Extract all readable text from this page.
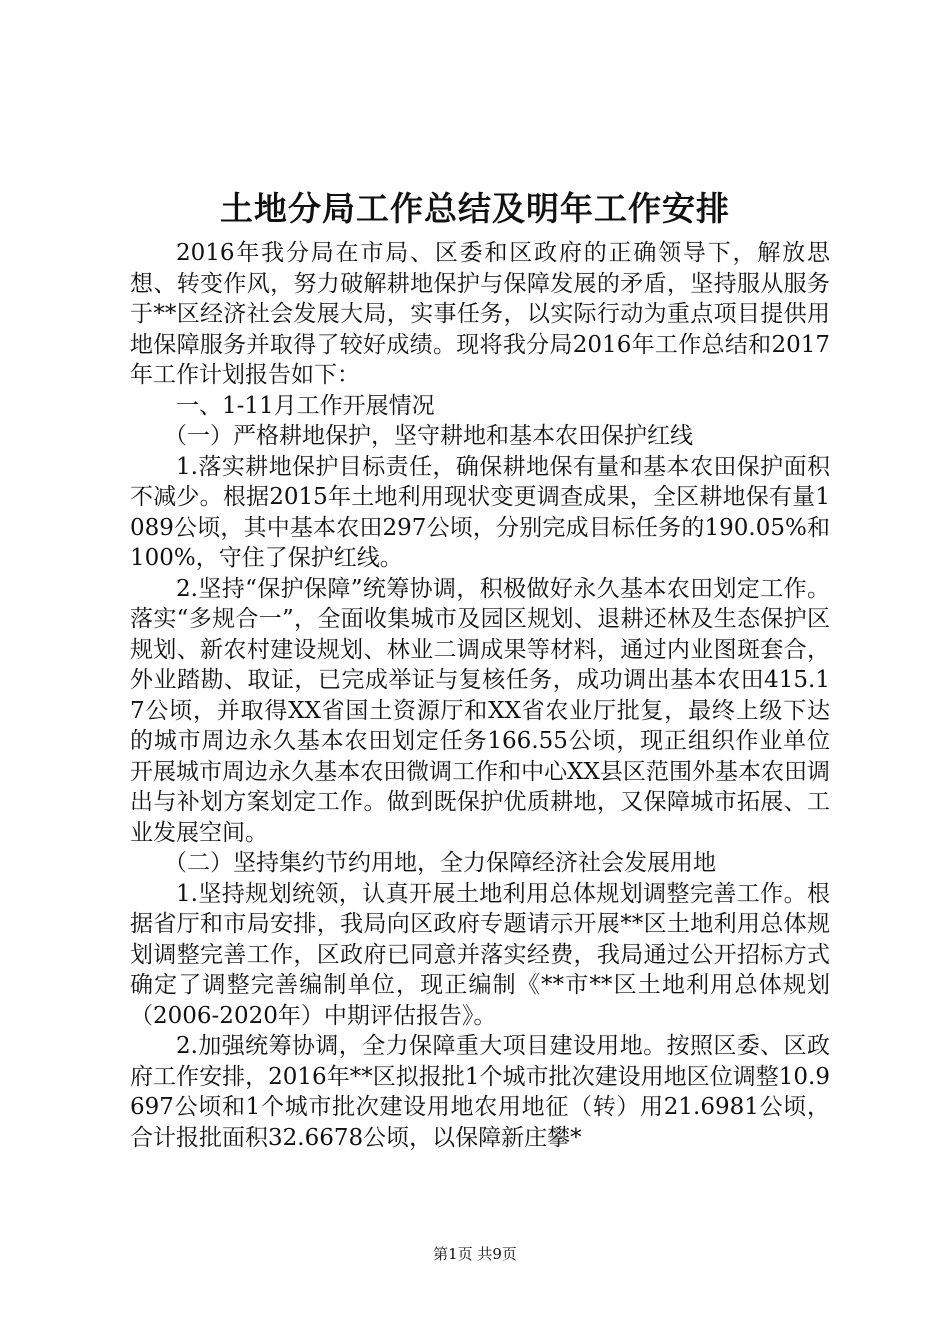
土地分局工作总结及明年工作安排

2016年我分局在市局、区委和区政府的正确领导下，解放思想、转变作风，努力破解耕地保护与保障发展的矛盾，坚持服从服务于**区经济社会发展大局，实事任务，以实际行动为重点项目提供用地保障服务并取得了较好成绩。现将我分局2016年工作总结和2017年工作计划报告如下：

一、1-11月工作开展情况

（一）严格耕地保护，坚守耕地和基本农田保护红线

1.落实耕地保护目标责任，确保耕地保有量和基本农田保护面积不减少。根据2015年土地利用现状变更调查成果，全区耕地保有量1089公顷，其中基本农田297公顷，分别完成目标任务的190.05%和100%，守住了保护红线。

2.坚持“保护保障”统筹协调，积极做好永久基本农田划定工作。落实“多规合一”，全面收集城市及园区规划、退耕还林及生态保护区规划、新农村建设规划、林业二调成果等材料，通过内业图斑套合，外业踏勘、取证，已完成举证与复核任务，成功调出基本农田415.17公顷，并取得XX省国土资源厅和XX省农业厅批复，最终上级下达的城市周边永久基本农田划定任务166.55公顷，现正组织作业单位开展城市周边永久基本农田微调工作和中心XX县区范围外基本农田调出与补划方案划定工作。做到既保护优质耕地，又保障城市拓展、工业发展空间。

（二）坚持集约节约用地，全力保障经济社会发展用地

1.坚持规划统领，认真开展土地利用总体规划调整完善工作。根据省厅和市局安排，我局向区政府专题请示开展**区土地利用总体规划调整完善工作，区政府已同意并落实经费，我局通过公开招标方式确定了调整完善编制单位，现正编制《**市**区土地利用总体规划（2006-2020年）中期评估报告》。

2.加强统筹协调，全力保障重大项目建设用地。按照区委、区政府工作安排，2016年**区拟报批1个城市批次建设用地区位调整10.9697公顷和1个城市批次建设用地农用地征（转）用21.6981公顷，合计报批面积32.6678公顷，以保障新庄攀*

第1页 共9页
